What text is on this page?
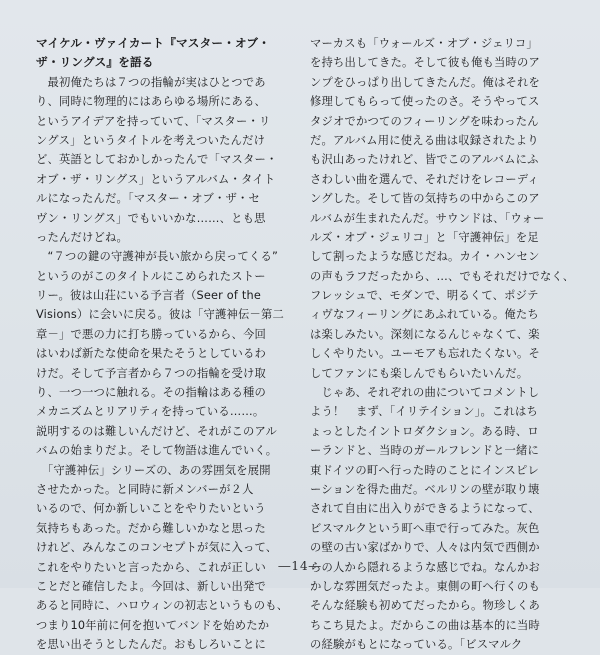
マイケル・ヴァイカート『マスター・オブ・
ザ・リングス』を語る
　最初俺たちは７つの指輪が実はひとつであ
り、同時に物理的にはあらゆる場所にある、
というアイデアを持っていて、「マスター・リ
ングス」というタイトルを考えついたんだけ
ど、英語としておかしかったんで「マスター・
オブ・ザ・リングス」というアルバム・タイト
ルになったんだ。「マスター・オブ・ザ・セ
ヴン・リングス」でもいいかな……、とも思
ったんだけどね。
　“７つの鍵の守護神が長い旅から戻ってくる”
というのがこのタイトルにこめられたストー
リー。彼は山荘にいる予言者（Seer of the
Visions）に会いに戻る。彼は「守護神伝－第二
章－」で悪の力に打ち勝っているから、今回
はいわば新たな使命を果たそうとしているわ
けだ。そして予言者から７つの指輪を受け取
り、一つ一つに触れる。その指輪はある種の
メカニズムとリアリティを持っている……。
説明するのは難しいんだけど、それがこのアル
バムの始まりだよ。そして物語は進んでいく。
　「守護神伝」シリーズの、あの雰囲気を展開
させたかった。と同時に新メンバーが２人
いるので、何か新しいことをやりたいという
気持ちもあった。だから難しいかなと思った
けれど、みんなこのコンセプトが気に入って、
これをやりたいと言ったから、これが正しい
ことだと確信したよ。今回は、新しい出発で
あると同時に、ハロウィンの初志というものも、
つまり10年前に何を抱いてバンドを始めたか
を思い出そうとしたんだ。おもしろいことに
マーカスも「ウォールズ・オブ・ジェリコ」
を持ち出してきた。そして彼も俺も当時のア
ンプをひっぱり出してきたんだ。俺はそれを
修理してもらって使ったのさ。そうやってス
タジオでかつてのフィーリングを味わったん
だ。アルバム用に使える曲は収録されたより
も沢山あったけれど、皆でこのアルバムにふ
さわしい曲を選んで、それだけをレコーディ
ングした。そして皆の気持ちの中からこのア
ルバムが生まれたんだ。サウンドは、「ウォー
ルズ・オブ・ジェリコ」と「守護神伝」を足
して割ったような感じだね。カイ・ハンセン
の声もラフだったから、…、でもそれだけでなく、
フレッシュで、モダンで、明るくて、ポジテ
ィヴなフィーリングにあふれている。俺たち
は楽しみたい。深刻になるんじゃなくて、楽
しくやりたい。ユーモアも忘れたくない。そ
してファンにも楽しんでもらいたいんだ。
　じゃあ、それぞれの曲についてコメントし
よう！　まず、「イリテイション」。これはち
ょっとしたイントロダクション。ある時、ロ
ーランドと、当時のガールフレンドと一緒に
東ドイツの町へ行った時のことにインスピレ
ーションを得た曲だ。ベルリンの壁が取り壊
されて自由に出入りができるようになって、
ビスマルクという町へ車で行ってみた。灰色
の壁の古い家ばかりで、人々は内気で西側か
らの人から隠れるような感じでね。なんかお
かしな雰囲気だったよ。東側の町へ行くのも
そんな経験も初めてだったから。物珍しくあ
ちこち見たよ。だからこの曲は基本的に当時
の経験がもとになっている。「ビスマルク
―14―
